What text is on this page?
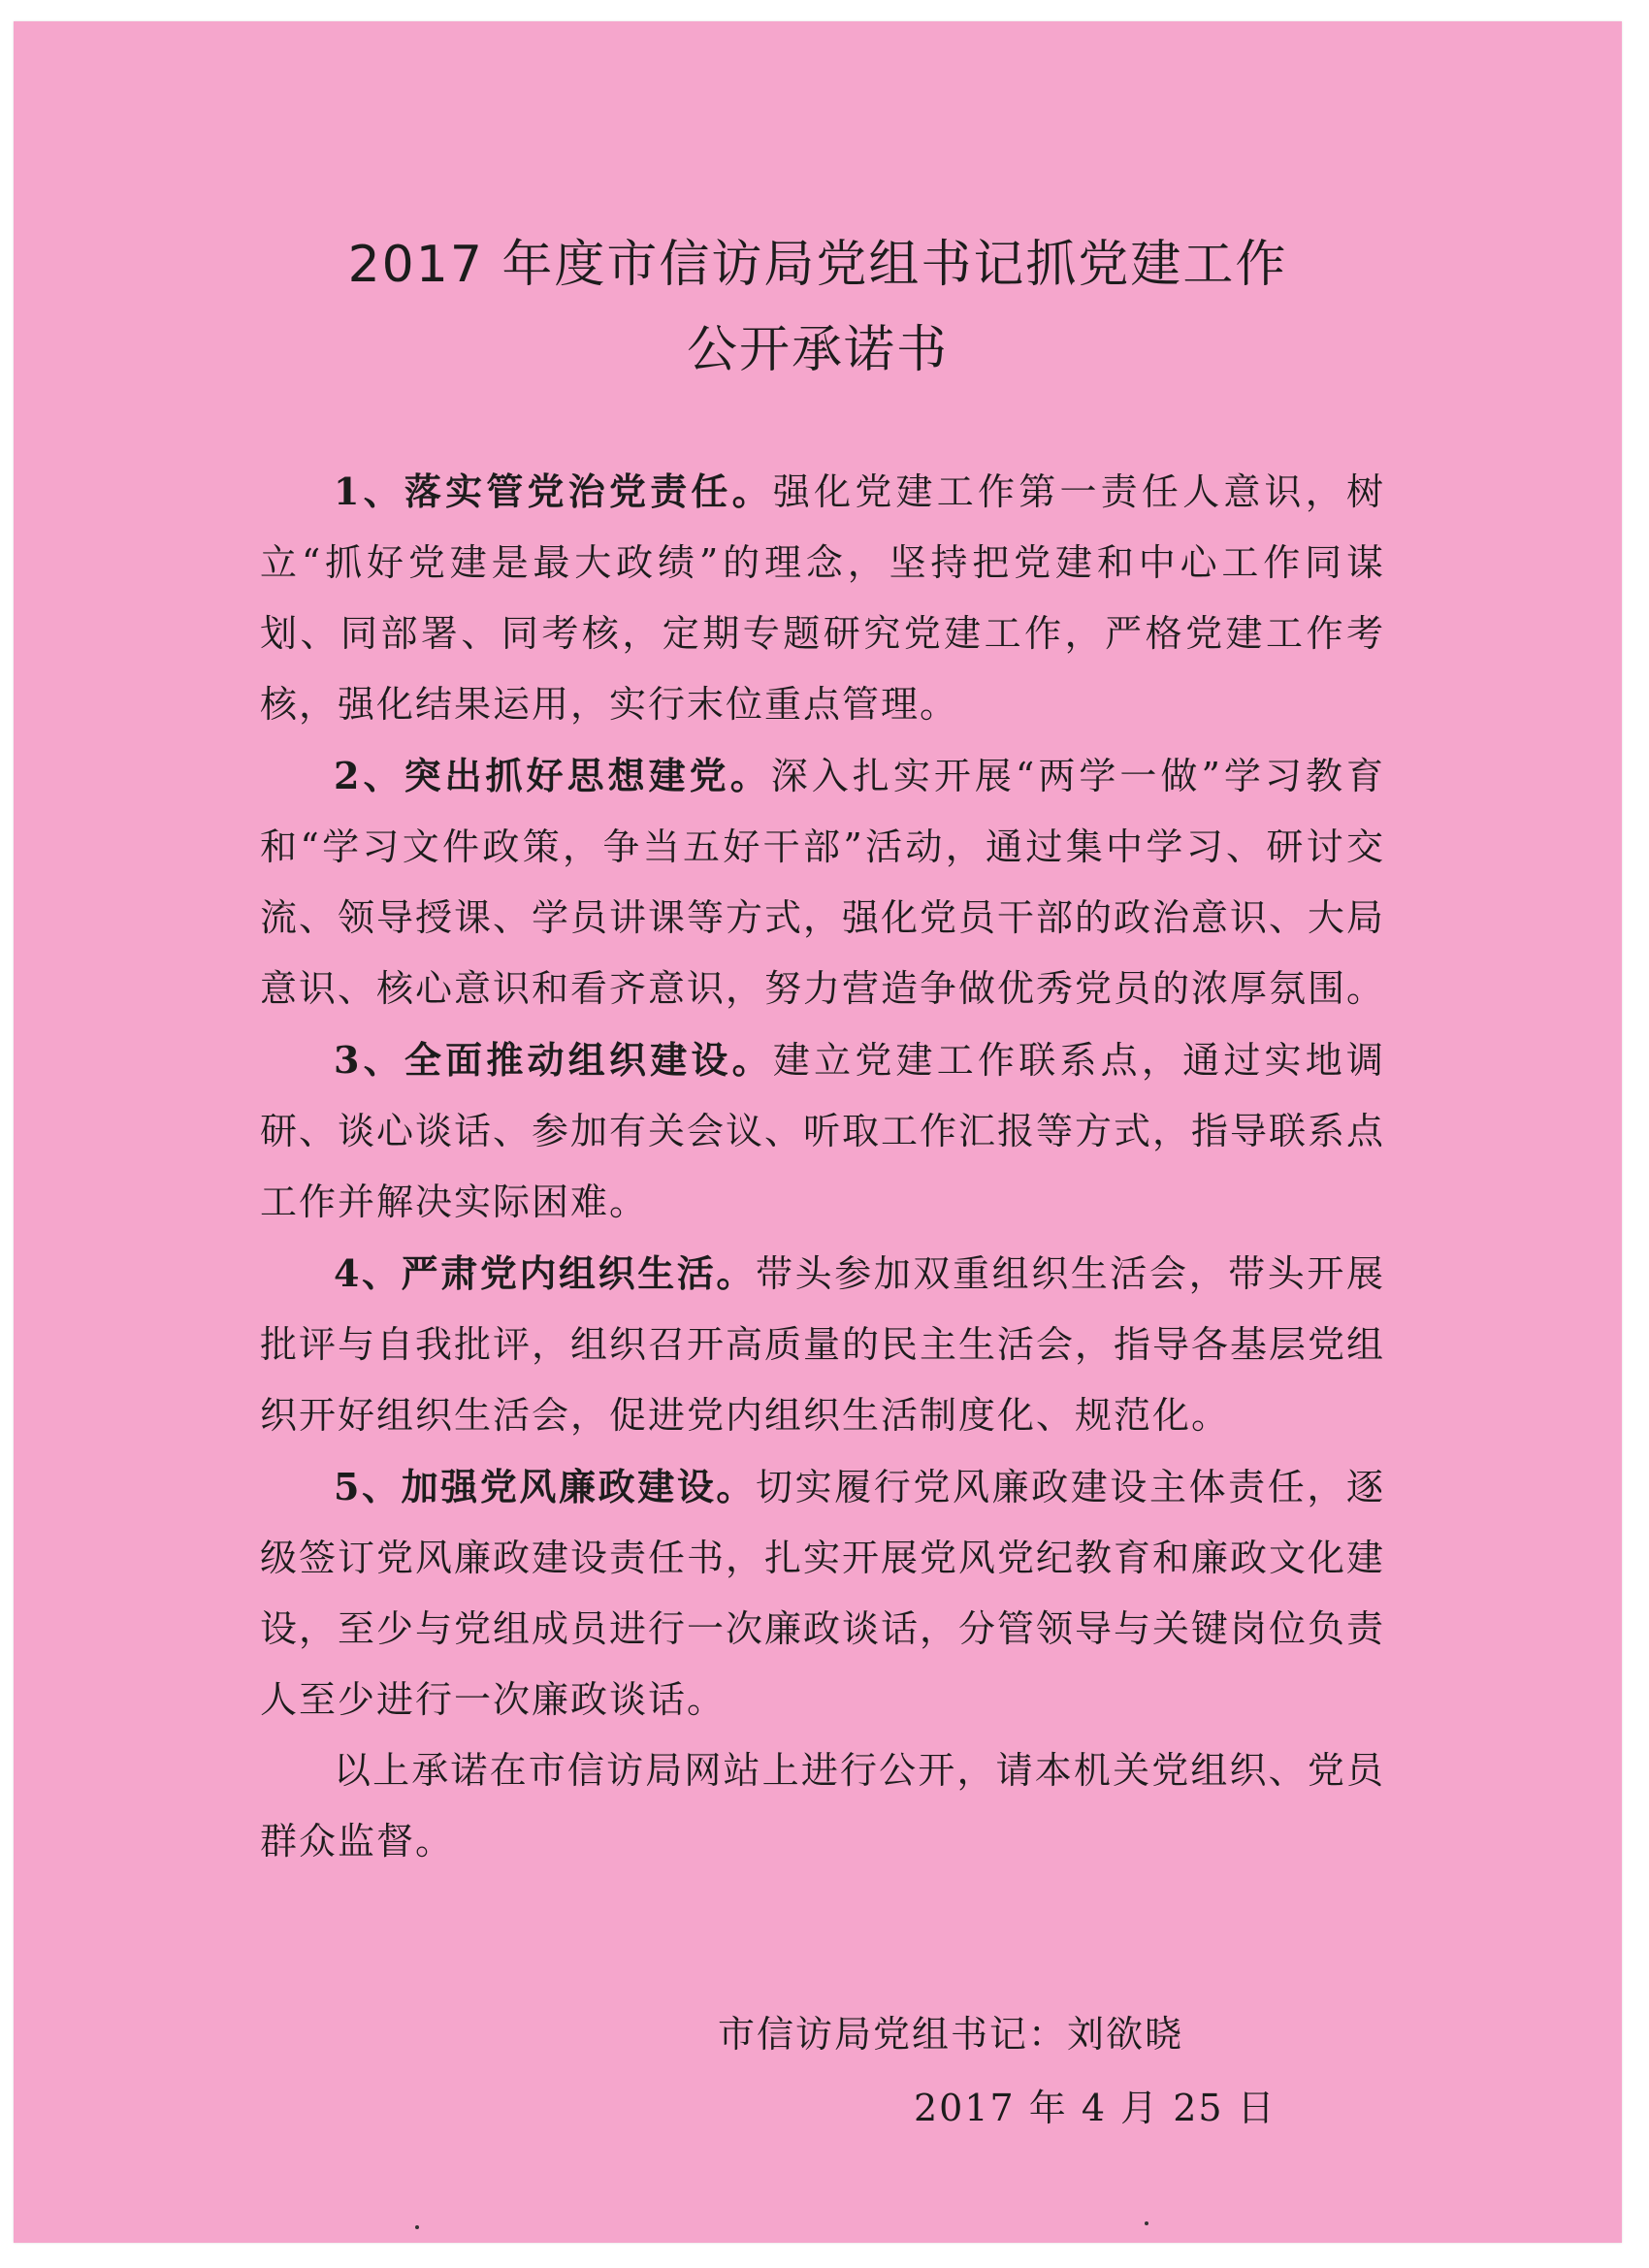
2017 年度市信访局党组书记抓党建工作
公开承诺书

1、落实管党治党责任。强化党建工作第一责任人意识，树立“抓好党建是最大政绩”的理念，坚持把党建和中心工作同谋划、同部署、同考核，定期专题研究党建工作，严格党建工作考核，强化结果运用，实行末位重点管理。

2、突出抓好思想建党。深入扎实开展“两学一做”学习教育和“学习文件政策，争当五好干部”活动，通过集中学习、研讨交流、领导授课、学员讲课等方式，强化党员干部的政治意识、大局意识、核心意识和看齐意识，努力营造争做优秀党员的浓厚氛围。

3、全面推动组织建设。建立党建工作联系点，通过实地调研、谈心谈话、参加有关会议、听取工作汇报等方式，指导联系点工作并解决实际困难。

4、严肃党内组织生活。带头参加双重组织生活会，带头开展批评与自我批评，组织召开高质量的民主生活会，指导各基层党组织开好组织生活会，促进党内组织生活制度化、规范化。

5、加强党风廉政建设。切实履行党风廉政建设主体责任，逐级签订党风廉政建设责任书，扎实开展党风党纪教育和廉政文化建设，至少与党组成员进行一次廉政谈话，分管领导与关键岗位负责人至少进行一次廉政谈话。

以上承诺在市信访局网站上进行公开，请本机关党组织、党员群众监督。

市信访局党组书记：刘欲晓
2017 年 4 月 25 日
